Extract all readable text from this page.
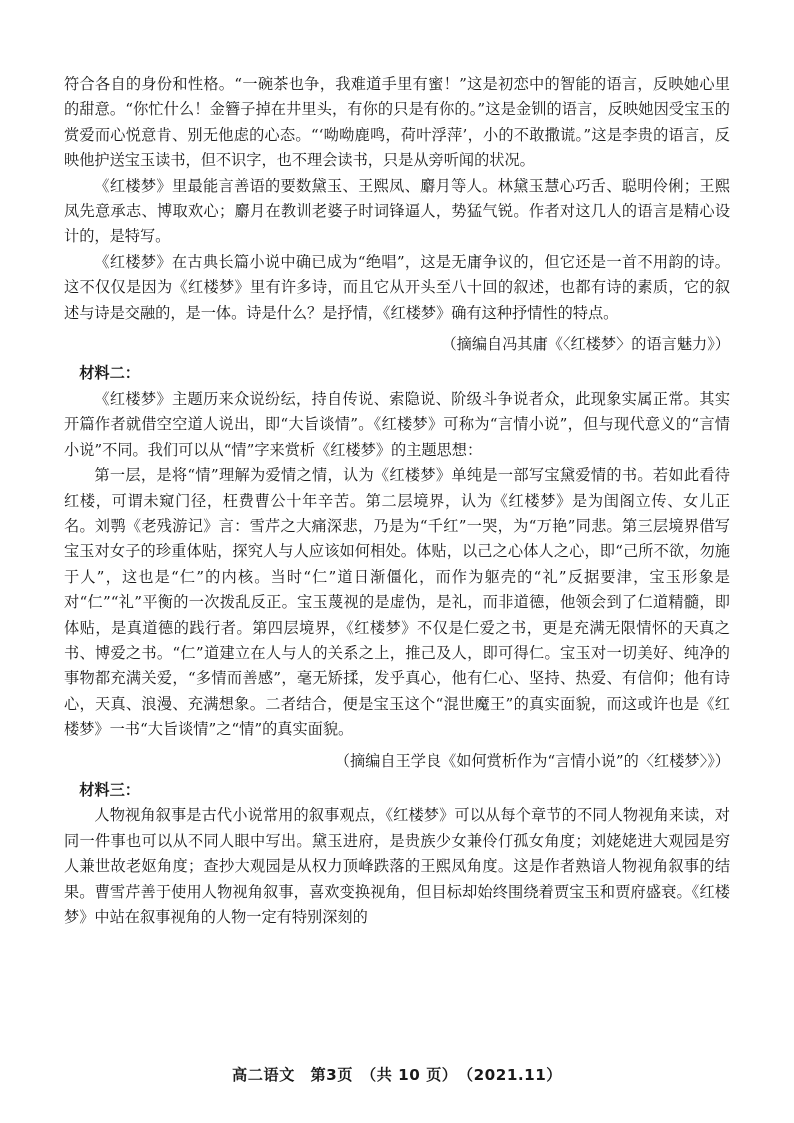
符合各自的身份和性格。“一碗茶也争，我难道手里有蜜！”这是初恋中的智能的语言，反映她心里的甜意。“你忙什么！金簪子掉在井里头，有你的只是有你的。”这是金钏的语言，反映她因受宝玉的赏爱而心悦意肯、别无他虑的心态。“‘呦呦鹿鸣，荷叶浮萍’，小的不敢撒谎。”这是李贵的语言，反映他护送宝玉读书，但不识字，也不理会读书，只是从旁听闻的状况。

《红楼梦》里最能言善语的要数黛玉、王熙凤、麝月等人。林黛玉慧心巧舌、聪明伶俐；王熙凤先意承志、博取欢心；麝月在教训老婆子时词锋逼人，势猛气锐。作者对这几人的语言是精心设计的，是特写。

《红楼梦》在古典长篇小说中确已成为“绝唱”，这是无庸争议的，但它还是一首不用韵的诗。这不仅仅是因为《红楼梦》里有许多诗，而且它从开头至八十回的叙述，也都有诗的素质，它的叙述与诗是交融的，是一体。诗是什么？是抒情，《红楼梦》确有这种抒情性的特点。

（摘编自冯其庸《〈红楼梦〉的语言魅力》）

材料二：

《红楼梦》主题历来众说纷纭，持自传说、索隐说、阶级斗争说者众，此现象实属正常。其实开篇作者就借空空道人说出，即“大旨谈情”。《红楼梦》可称为“言情小说”，但与现代意义的“言情小说”不同。我们可以从“情”字来赏析《红楼梦》的主题思想：

第一层，是将“情”理解为爱情之情，认为《红楼梦》单纯是一部写宝黛爱情的书。若如此看待红楼，可谓未窥门径，枉费曹公十年辛苦。第二层境界，认为《红楼梦》是为闺阁立传、女儿正名。刘鹗《老残游记》言：雪芹之大痛深悲，乃是为“千红”一哭，为“万艳”同悲。第三层境界借写宝玉对女子的珍重体贴，探究人与人应该如何相处。体贴，以己之心体人之心，即“己所不欲，勿施于人”，这也是“仁”的内核。当时“仁”道日渐僵化，而作为躯壳的“礼”反据要津，宝玉形象是对“仁”“礼”平衡的一次拨乱反正。宝玉蔑视的是虚伪，是礼，而非道德，他领会到了仁道精髓，即体贴，是真道德的践行者。第四层境界，《红楼梦》不仅是仁爱之书，更是充满无限情怀的天真之书、博爱之书。“仁”道建立在人与人的关系之上，推己及人，即可得仁。宝玉对一切美好、纯净的事物都充满关爱，“多情而善感”，毫无矫揉，发乎真心，他有仁心、坚持、热爱、有信仰；他有诗心，天真、浪漫、充满想象。二者结合，便是宝玉这个“混世魔王”的真实面貌，而这或许也是《红楼梦》一书“大旨谈情”之“情”的真实面貌。

（摘编自王学良《如何赏析作为“言情小说”的〈红楼梦〉》）

材料三：

人物视角叙事是古代小说常用的叙事观点，《红楼梦》可以从每个章节的不同人物视角来读，对同一件事也可以从不同人眼中写出。黛玉进府，是贵族少女兼伶仃孤女角度；刘姥姥进大观园是穷人兼世故老妪角度；查抄大观园是从权力顶峰跌落的王熙凤角度。这是作者熟谙人物视角叙事的结果。曹雪芹善于使用人物视角叙事，喜欢变换视角，但目标却始终围绕着贾宝玉和贾府盛衰。《红楼梦》中站在叙事视角的人物一定有特别深刻的

高二语文　第3页　（共 10 页）　（2021.11）
